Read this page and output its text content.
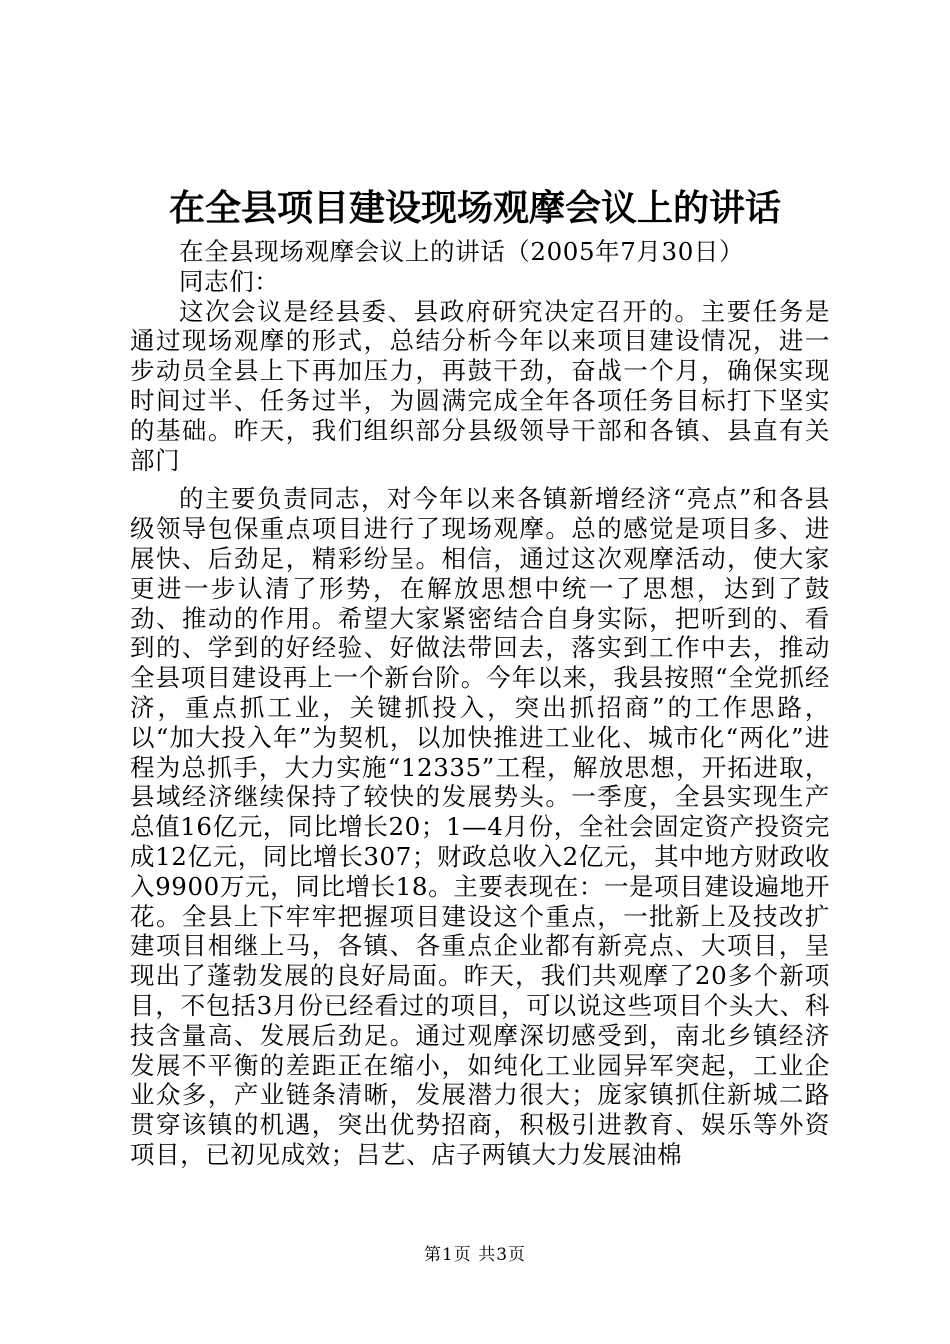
在全县项目建设现场观摩会议上的讲话

在全县现场观摩会议上的讲话（2005年7月30日）

同志们：

这次会议是经县委、县政府研究决定召开的。主要任务是通过现场观摩的形式，总结分析今年以来项目建设情况，进一步动员全县上下再加压力，再鼓干劲，奋战一个月，确保实现时间过半、任务过半，为圆满完成全年各项任务目标打下坚实的基础。昨天，我们组织部分县级领导干部和各镇、县直有关部门

的主要负责同志，对今年以来各镇新增经济“亮点”和各县级领导包保重点项目进行了现场观摩。总的感觉是项目多、进展快、后劲足，精彩纷呈。相信，通过这次观摩活动，使大家更进一步认清了形势，在解放思想中统一了思想，达到了鼓劲、推动的作用。希望大家紧密结合自身实际，把听到的、看到的、学到的好经验、好做法带回去，落实到工作中去，推动全县项目建设再上一个新台阶。今年以来，我县按照“全党抓经济，重点抓工业，关键抓投入，突出抓招商”的工作思路，以“加大投入年”为契机，以加快推进工业化、城市化“两化”进程为总抓手，大力实施“12335”工程，解放思想，开拓进取，县域经济继续保持了较快的发展势头。一季度，全县实现生产总值16亿元，同比增长20；1—4月份，全社会固定资产投资完成12亿元，同比增长307；财政总收入2亿元，其中地方财政收入9900万元，同比增长18。主要表现在：一是项目建设遍地开花。全县上下牢牢把握项目建设这个重点，一批新上及技改扩建项目相继上马，各镇、各重点企业都有新亮点、大项目，呈现出了蓬勃发展的良好局面。昨天，我们共观摩了20多个新项目，不包括3月份已经看过的项目，可以说这些项目个头大、科技含量高、发展后劲足。通过观摩深切感受到，南北乡镇经济发展不平衡的差距正在缩小，如纯化工业园异军突起，工业企业众多，产业链条清晰，发展潜力很大；庞家镇抓住新城二路贯穿该镇的机遇，突出优势招商，积极引进教育、娱乐等外资项目，已初见成效；吕艺、店子两镇大力发展油棉

第1页 共3页
